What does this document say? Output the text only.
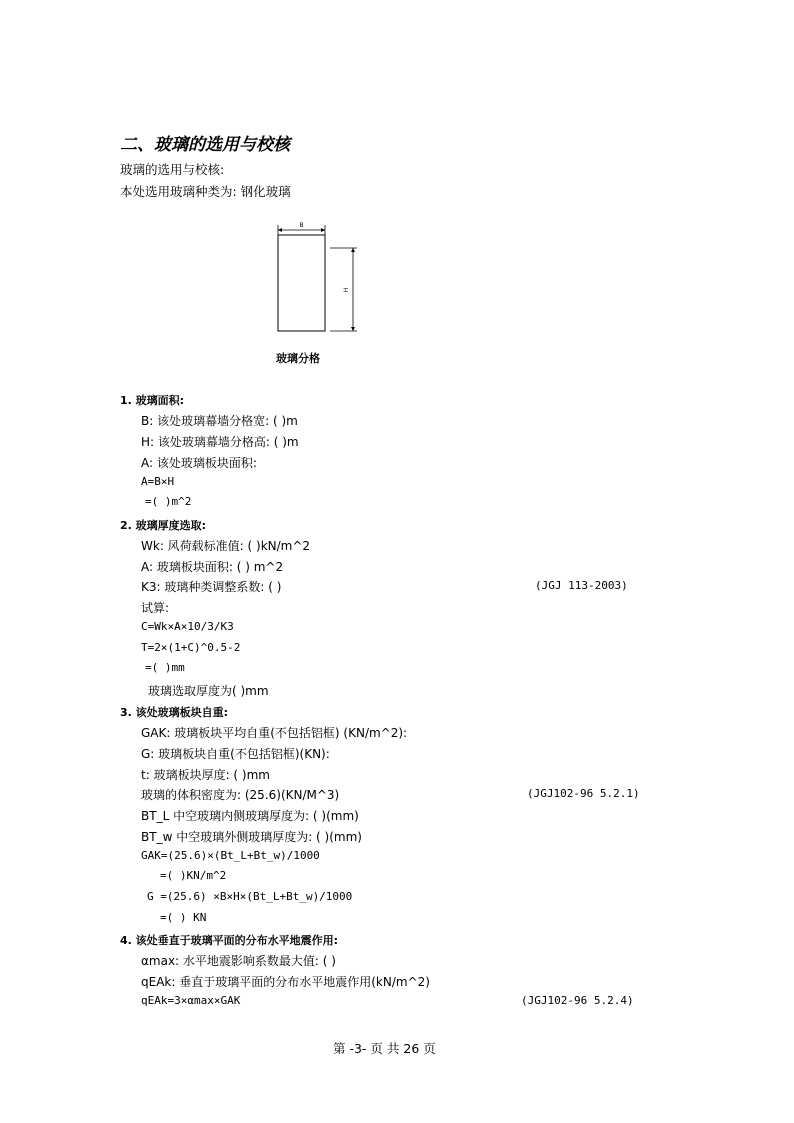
二、玻璃的选用与校核
玻璃的选用与校核:
本处选用玻璃种类为: 钢化玻璃
B
H
玻璃分格
1. 玻璃面积:
B: 该处玻璃幕墙分格宽: ( )m
H: 该处玻璃幕墙分格高: ( )m
A: 该处玻璃板块面积:
A=B×H
=( )m^2
2. 玻璃厚度选取:
Wk: 风荷载标准值: ( )kN/m^2
A: 玻璃板块面积: ( ) m^2
K3: 玻璃种类调整系数: ( )	(JGJ 113-2003)
试算:
C=Wk×A×10/3/K3
T=2×(1+C)^0.5-2
=( )mm
玻璃选取厚度为( )mm
3. 该处玻璃板块自重:
GAK: 玻璃板块平均自重(不包括铝框) (KN/m^2):
G: 玻璃板块自重(不包括铝框)(KN):
t: 玻璃板块厚度: ( )mm
玻璃的体积密度为: (25.6)(KN/M^3)	(JGJ102-96 5.2.1)
BT_L 中空玻璃内侧玻璃厚度为: ( )(mm)
BT_w 中空玻璃外侧玻璃厚度为: ( )(mm)
GAK=(25.6)×(Bt_L+Bt_w)/1000
=( )KN/m^2
G =(25.6) ×B×H×(Bt_L+Bt_w)/1000
=( ) KN
4. 该处垂直于玻璃平面的分布水平地震作用:
αmax: 水平地震影响系数最大值: ( )
qEAk: 垂直于玻璃平面的分布水平地震作用(kN/m^2)
qEAk=3×αmax×GAK	(JGJ102-96 5.2.4)
第 -3- 页 共 26 页
